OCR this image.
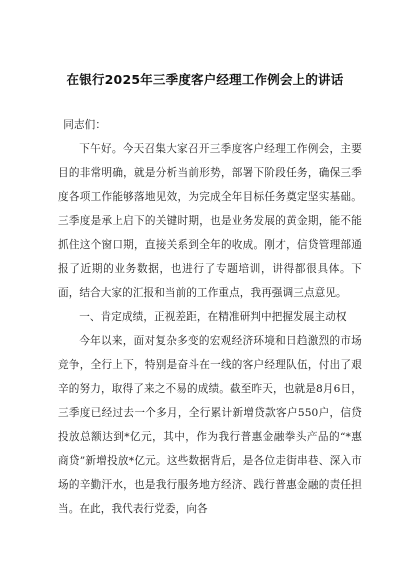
在银行2025年三季度客户经理工作例会上的讲话

同志们：

下午好。今天召集大家召开三季度客户经理工作例会，主要目的非常明确，就是分析当前形势，部署下阶段任务，确保三季度各项工作能够落地见效，为完成全年目标任务奠定坚实基础。三季度是承上启下的关键时期，也是业务发展的黄金期，能不能抓住这个窗口期，直接关系到全年的收成。刚才，信贷管理部通报了近期的业务数据，也进行了专题培训，讲得都很具体。下面，结合大家的汇报和当前的工作重点，我再强调三点意见。

一、肯定成绩，正视差距，在精准研判中把握发展主动权

今年以来，面对复杂多变的宏观经济环境和日趋激烈的市场竞争，全行上下，特别是奋斗在一线的客户经理队伍，付出了艰辛的努力，取得了来之不易的成绩。截至昨天，也就是8月6日，三季度已经过去一个多月，全行累计新增贷款客户550户，信贷投放总额达到*亿元，其中，作为我行普惠金融拳头产品的“*惠商贷”新增投放*亿元。这些数据背后，是各位走街串巷、深入市场的辛勤汗水，也是我行服务地方经济、践行普惠金融的责任担当。在此，我代表行党委，向各
